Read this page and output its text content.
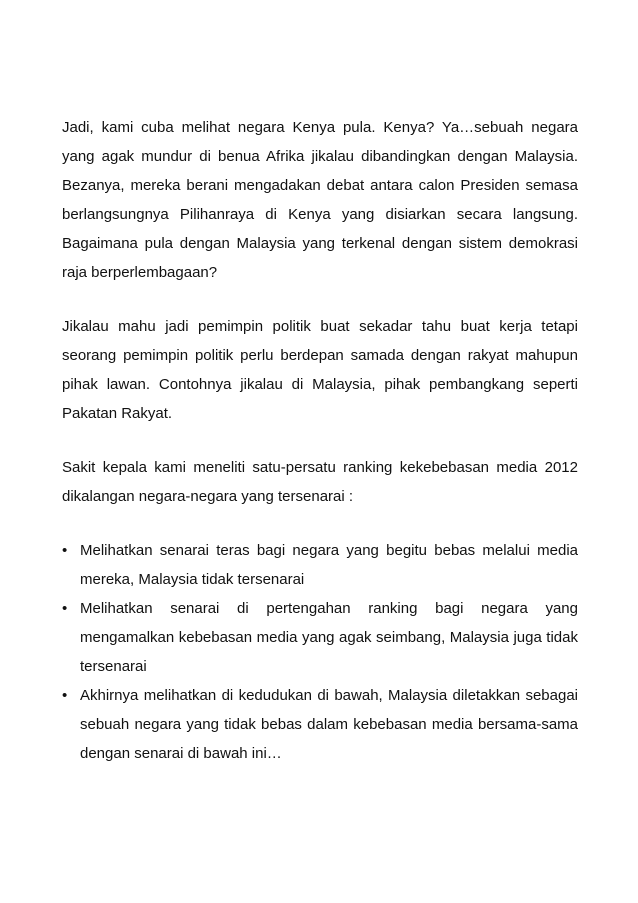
Jadi, kami cuba melihat negara Kenya pula. Kenya? Ya…sebuah negara yang agak mundur di benua Afrika jikalau dibandingkan dengan Malaysia. Bezanya, mereka berani mengadakan debat antara calon Presiden semasa berlangsungnya Pilihanraya di Kenya yang disiarkan secara langsung. Bagaimana pula dengan Malaysia yang terkenal dengan sistem demokrasi raja berperlembagaan?

Jikalau mahu jadi pemimpin politik buat sekadar tahu buat kerja tetapi seorang pemimpin politik perlu berdepan samada dengan rakyat mahupun pihak lawan. Contohnya jikalau di Malaysia, pihak pembangkang seperti Pakatan Rakyat.

Sakit kepala kami meneliti satu-persatu ranking kekebebasan media 2012 dikalangan negara-negara yang tersenarai :

• Melihatkan senarai teras bagi negara yang begitu bebas melalui media mereka, Malaysia tidak tersenarai
• Melihatkan senarai di pertengahan ranking bagi negara yang mengamalkan kebebasan media yang agak seimbang, Malaysia juga tidak tersenarai
• Akhirnya melihatkan di kedudukan di bawah, Malaysia diletakkan sebagai sebuah negara yang tidak bebas dalam kebebasan media bersama-sama dengan senarai di bawah ini…
